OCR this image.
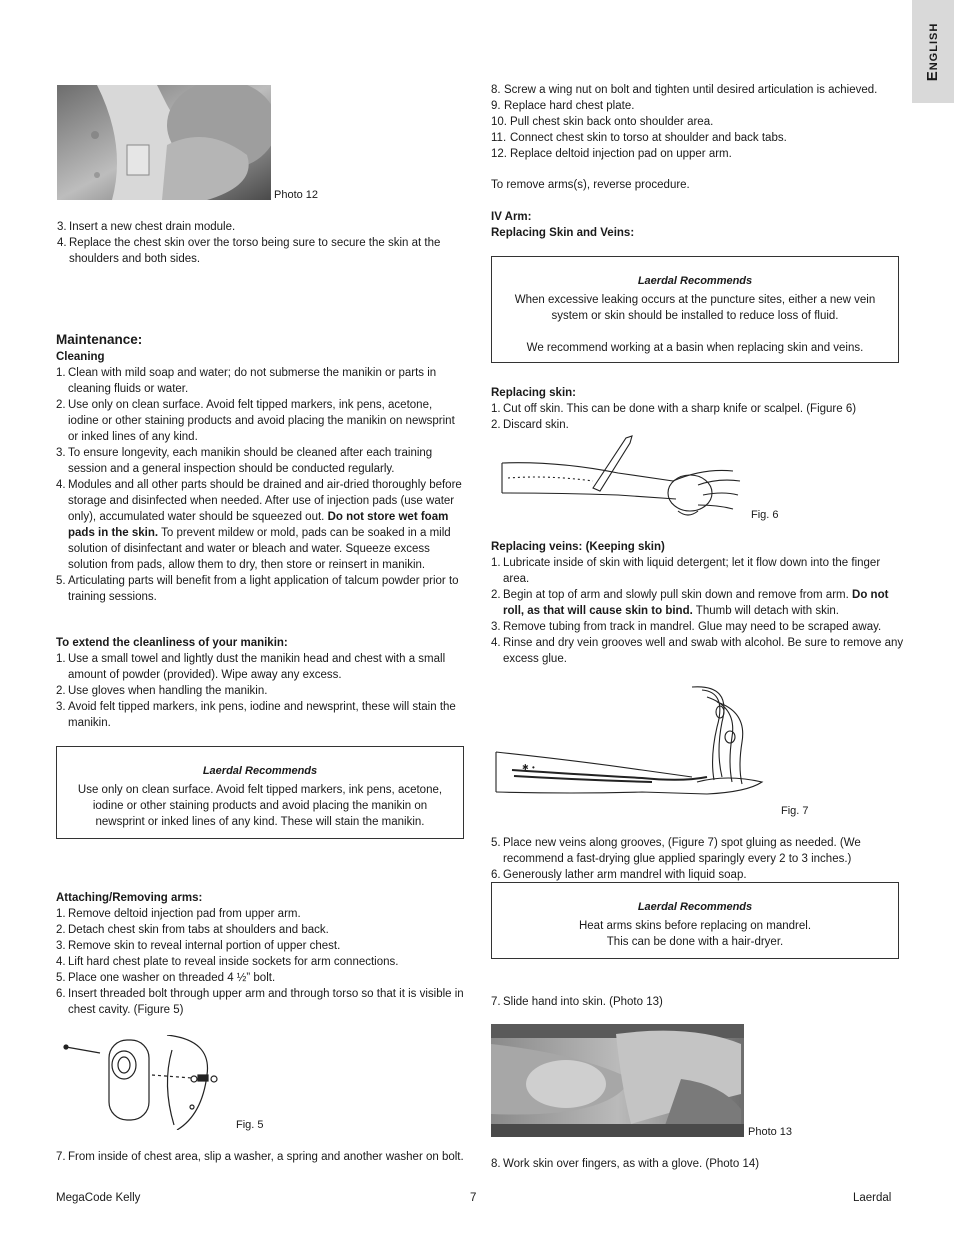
English
Photo 12
3. Insert a new chest drain module.
4. Replace the chest skin over the torso being sure to secure the skin at the shoulders and both sides.
Maintenance:
Cleaning
1. Clean with mild soap and water; do not submerse the manikin or parts in cleaning fluids or water.
2. Use only on clean surface. Avoid felt tipped markers, ink pens, acetone, iodine or other staining products and avoid placing the manikin on newsprint or inked lines of any kind.
3. To ensure longevity, each manikin should be cleaned after each training session and a general inspection should be conducted regularly.
4. Modules and all other parts should be drained and air-dried thoroughly before storage and disinfected when needed. After use of injection pads (use water only), accumulated water should be squeezed out. Do not store wet foam pads in the skin. To prevent mildew or mold, pads can be soaked in a mild solution of disinfectant and water or bleach and water. Squeeze excess solution from pads, allow them to dry, then store or reinsert in manikin.
5. Articulating parts will benefit from a light application of talcum powder prior to training sessions.
To extend the cleanliness of your manikin:
1. Use a small towel and lightly dust the manikin head and chest with a small amount of powder (provided). Wipe away any excess.
2. Use gloves when handling the manikin.
3. Avoid felt tipped markers, ink pens, iodine and newsprint, these will stain the manikin.
Laerdal Recommends
Use only on clean surface. Avoid felt tipped markers, ink pens, acetone, iodine or other staining products and avoid placing the manikin on newsprint or inked lines of any kind. These will stain the manikin.
Attaching/Removing arms:
1. Remove deltoid injection pad from upper arm.
2. Detach chest skin from tabs at shoulders and back.
3. Remove skin to reveal internal portion of upper chest.
4. Lift hard chest plate to reveal inside sockets for arm connections.
5. Place one washer on threaded 4 ½” bolt.
6. Insert threaded bolt through upper arm and through torso so that it is visible in chest cavity. (Figure 5)
Fig. 5
7. From inside of chest area, slip a washer, a spring and another washer on bolt.
8. Screw a wing nut on bolt and tighten until desired articulation is achieved.
9. Replace hard chest plate.
10. Pull chest skin back onto shoulder area.
11. Connect chest skin to torso at shoulder and back tabs.
12. Replace deltoid injection pad on upper arm.
To remove arms(s), reverse procedure.
IV Arm:
Replacing Skin and Veins:
Laerdal Recommends
When excessive leaking occurs at the puncture sites, either a new vein system or skin should be installed to reduce loss of fluid.
We recommend working at a basin when replacing skin and veins.
Replacing skin:
1. Cut off skin. This can be done with a sharp knife or scalpel. (Figure 6)
2. Discard skin.
Fig. 6
Replacing veins: (Keeping skin)
1. Lubricate inside of skin with liquid detergent; let it flow down into the finger area.
2. Begin at top of arm and slowly pull skin down and remove from arm. Do not roll, as that will cause skin to bind. Thumb will detach with skin.
3. Remove tubing from track in mandrel. Glue may need to be scraped away.
4. Rinse and dry vein grooves well and swab with alcohol. Be sure to remove any excess glue.
✱ •
Fig. 7
5. Place new veins along grooves, (Figure 7) spot gluing as needed. (We recommend a fast-drying glue applied sparingly every 2 to 3 inches.)
6. Generously lather arm mandrel with liquid soap.
Laerdal Recommends
Heat arms skins before replacing on mandrel.
This can be done with a hair-dryer.
7. Slide hand into skin. (Photo 13)
Photo 13
8. Work skin over fingers, as with a glove. (Photo 14)
MegaCode Kelly	7	Laerdal
